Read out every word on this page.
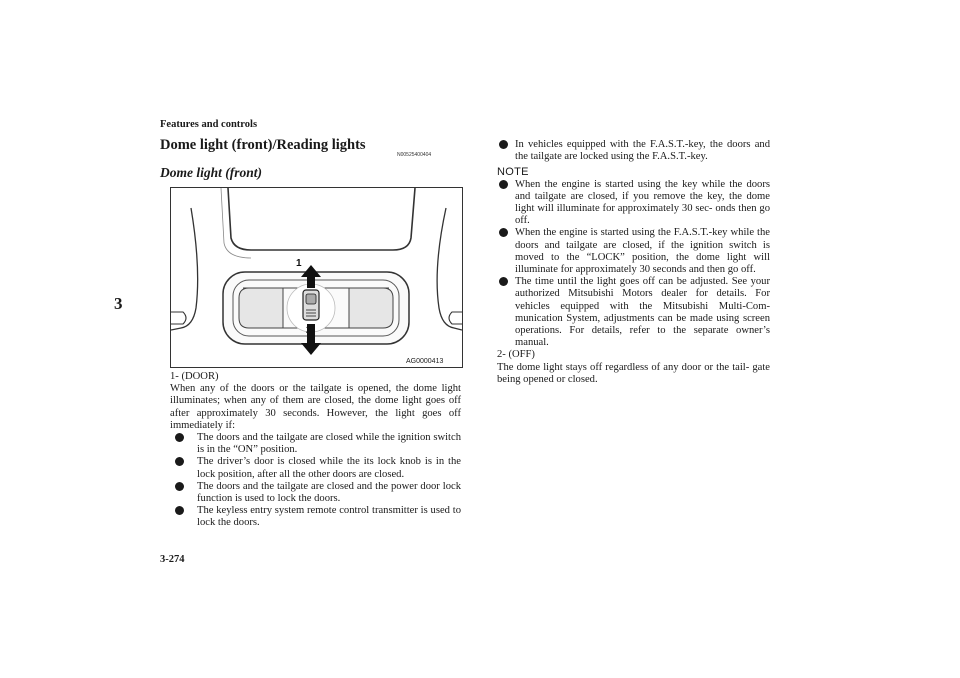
Features and controls
3
3-274
Dome light (front)/Reading lights
N00525400404
Dome light (front)
1
2
AG0000413

1- (DOOR)

When any of the doors or the tailgate is opened, the dome light illuminates; when any of them are closed, the dome light goes off after approximately 30 seconds. However, the light goes off immediately if:

The doors and the tailgate are closed while the ignition switch is in the “ON” position.
The driver’s door is closed while the its lock knob is in the lock position, after all the other doors are closed.
The doors and the tailgate are closed and the power door lock function is used to lock the doors.
The keyless entry system remote control transmitter is used to lock the doors.
In vehicles equipped with the F.A.S.T.-key, the doors and the tailgate are locked using the F.A.S.T.-key.

NOTE

When the engine is started using the key while the doors and tailgate are closed, if you remove the key, the dome light will illuminate for approximately 30 sec- onds then go off.
When the engine is started using the F.A.S.T.-key while the doors and tailgate are closed, if the ignition switch is moved to the “LOCK” position, the dome light will illuminate for approximately 30 seconds and then go off.
The time until the light goes off can be adjusted. See your authorized Mitsubishi Motors dealer for details. For vehicles equipped with the Mitsubishi Multi-Com- munication System, adjustments can be made using screen operations. For details, refer to the separate owner’s manual.

2- (OFF)

The dome light stays off regardless of any door or the tail- gate being opened or closed.
